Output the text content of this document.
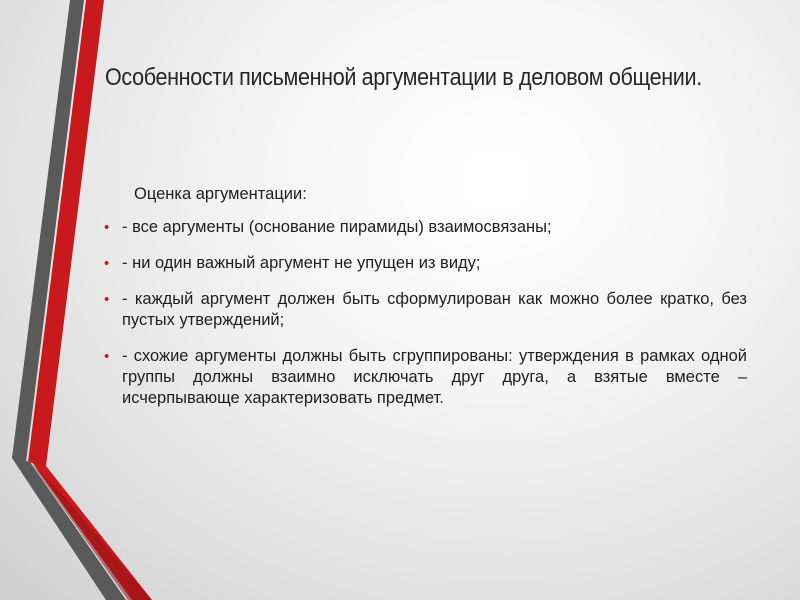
Особенности письменной аргументации в деловом общении.
Оценка аргументации:
• - все аргументы (основание пирамиды) взаимосвязаны;
• - ни один важный аргумент не упущен из виду;
• - каждый аргумент должен быть сформулирован как можно более кратко, без пустых утверждений;
• - схожие аргументы должны быть сгруппированы: утверждения в рамках одной группы должны взаимно исключать друг друга, а взятые вместе – исчерпывающе характеризовать предмет.
